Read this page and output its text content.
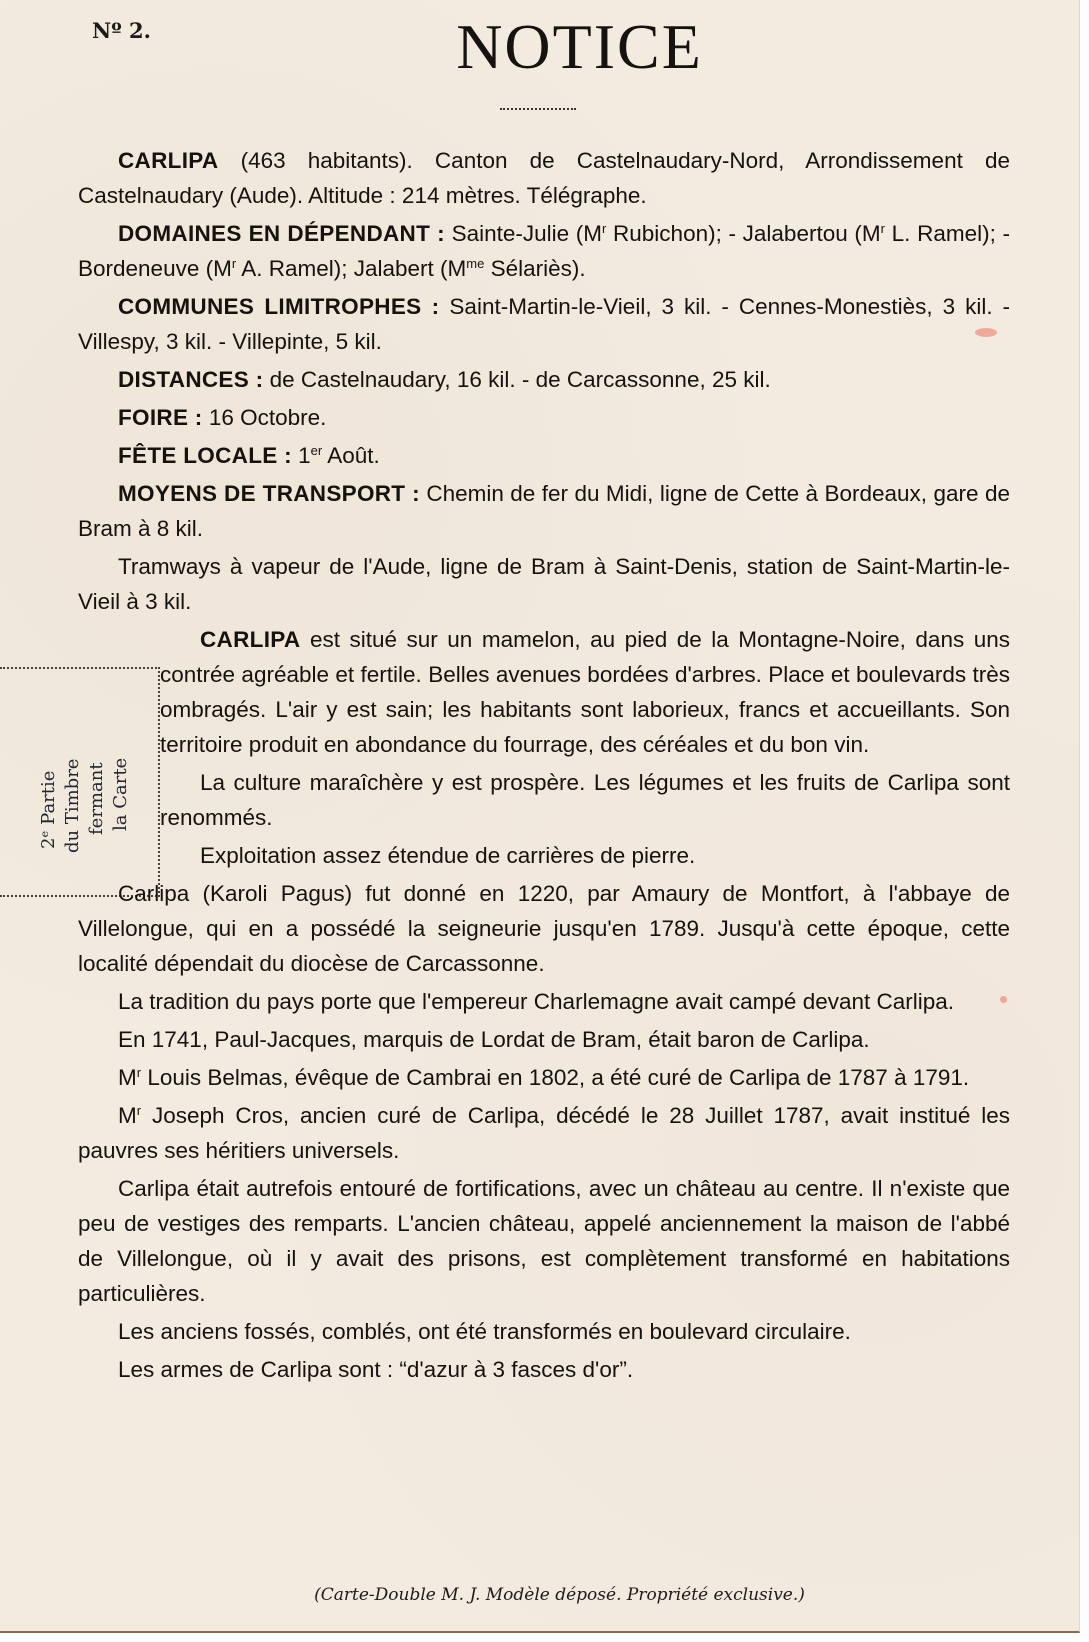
Nº 2.	NOTICE
2ᵉ Partie du Timbre fermant la Carte

CARLIPA (463 habitants). Canton de Castelnaudary-Nord, Arrondissement de Castelnaudary (Aude). Altitude : 214 mètres. Télégraphe.

DOMAINES EN DÉPENDANT : Sainte-Julie ($M^r$ Rubichon); - Jalabertou ($M^r$ L. Ramel); - Bordeneuve ($M^r$ A. Ramel); Jalabert ($M^{me}$ Sélariès).

COMMUNES LIMITROPHES : Saint-Martin-le-Vieil, 3 kil. - Cennes-Monestiès, 3 kil. - Villespy, 3 kil. - Villepinte, 5 kil.

DISTANCES : de Castelnaudary, 16 kil. - de Carcassonne, 25 kil.

FOIRE : 16 Octobre.

FÊTE LOCALE : 1er Août.

MOYENS DE TRANSPORT : Chemin de fer du Midi, ligne de Cette à Bordeaux, gare de Bram à 8 kil.

Tramways à vapeur de l'Aude, ligne de Bram à Saint-Denis, station de Saint-Martin-le-Vieil à 3 kil.

CARLIPA est situé sur un mamelon, au pied de la Montagne-Noire, dans uns contrée agréable et fertile. Belles avenues bordées d'arbres. Place et boulevards très ombragés. L'air y est sain; les habitants sont laborieux, francs et accueillants. Son territoire produit en abondance du fourrage, des céréales et du bon vin.

La culture maraîchère y est prospère. Les légumes et les fruits de Carlipa sont renommés.

Exploitation assez étendue de carrières de pierre.

Carlipa (Karoli Pagus) fut donné en 1220, par Amaury de Montfort, à l'abbaye de Villelongue, qui en a possédé la seigneurie jusqu'en 1789. Jusqu'à cette époque, cette localité dépendait du diocèse de Carcassonne.

La tradition du pays porte que l'empereur Charlemagne avait campé devant Carlipa.

En 1741, Paul-Jacques, marquis de Lordat de Bram, était baron de Carlipa.

$M^r$ Louis Belmas, évêque de Cambrai en 1802, a été curé de Carlipa de 1787 à 1791.

$M^r$ Joseph Cros, ancien curé de Carlipa, décédé le 28 Juillet 1787, avait institué les pauvres ses héritiers universels.

Carlipa était autrefois entouré de fortifications, avec un château au centre. Il n'existe que peu de vestiges des remparts. L'ancien château, appelé anciennement la maison de l'abbé de Villelongue, où il y avait des prisons, est complètement transformé en habitations particulières.

Les anciens fossés, comblés, ont été transformés en boulevard circulaire.

Les armes de Carlipa sont : “d'azur à 3 fasces d'or”.

(Carte-Double M. J. Modèle déposé. Propriété exclusive.)
